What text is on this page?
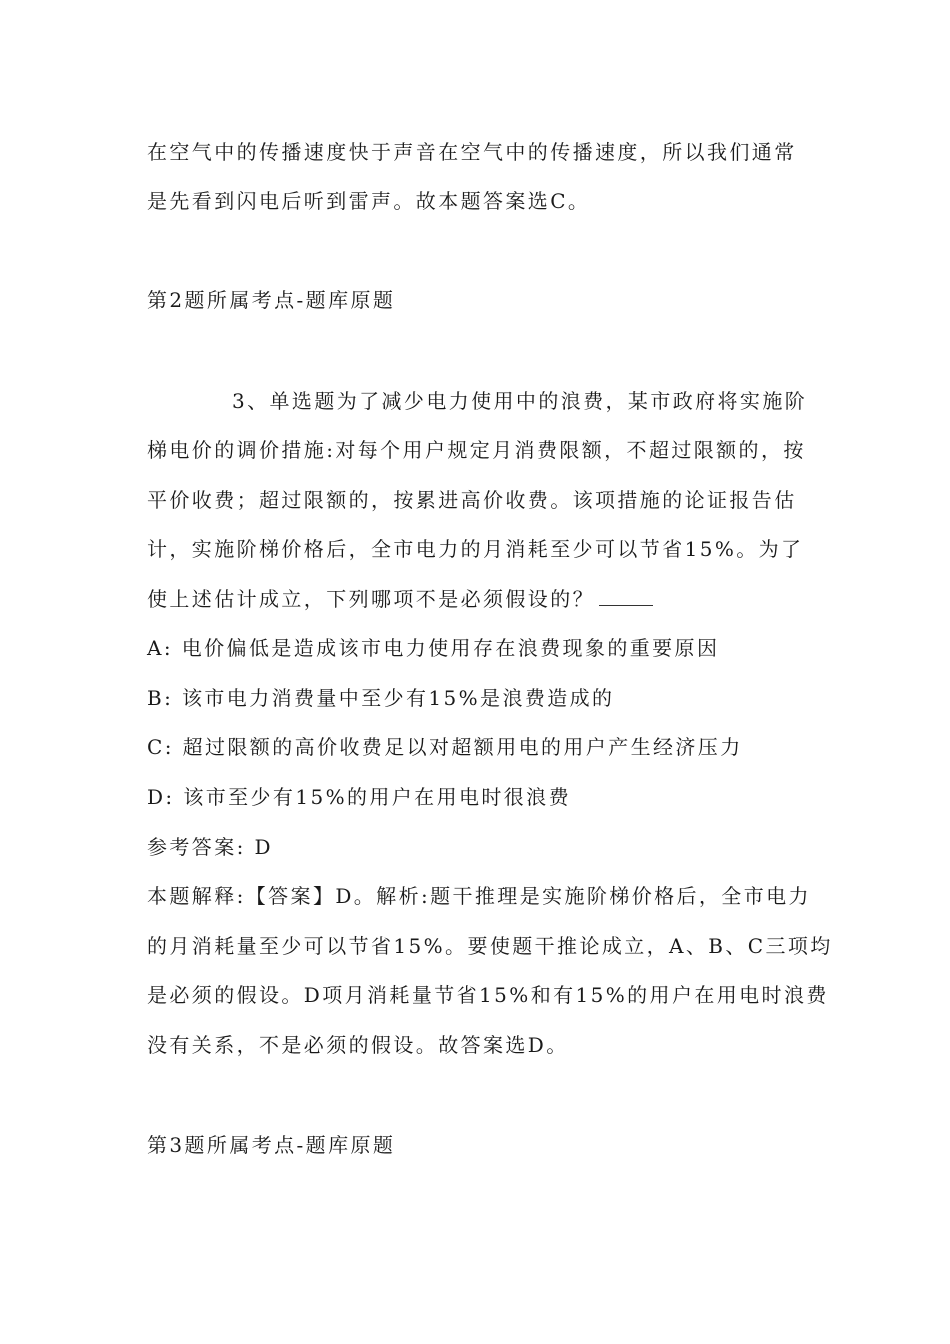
在空气中的传播速度快于声音在空气中的传播速度，所以我们通常
是先看到闪电后听到雷声。故本题答案选C。
第2题所属考点-题库原题
3、单选题为了减少电力使用中的浪费，某市政府将实施阶
梯电价的调价措施:对每个用户规定月消费限额，不超过限额的，按
平价收费；超过限额的，按累进高价收费。该项措施的论证报告估
计，实施阶梯价格后，全市电力的月消耗至少可以节省15%。为了
使上述估计成立，下列哪项不是必须假设的？
A: 电价偏低是造成该市电力使用存在浪费现象的重要原因
B: 该市电力消费量中至少有15%是浪费造成的
C: 超过限额的高价收费足以对超额用电的用户产生经济压力
D: 该市至少有15%的用户在用电时很浪费
参考答案: D
本题解释:【答案】D。解析:题干推理是实施阶梯价格后，全市电力
的月消耗量至少可以节省15%。要使题干推论成立，A、B、C三项均
是必须的假设。D项月消耗量节省15%和有15%的用户在用电时浪费
没有关系，不是必须的假设。故答案选D。
第3题所属考点-题库原题
